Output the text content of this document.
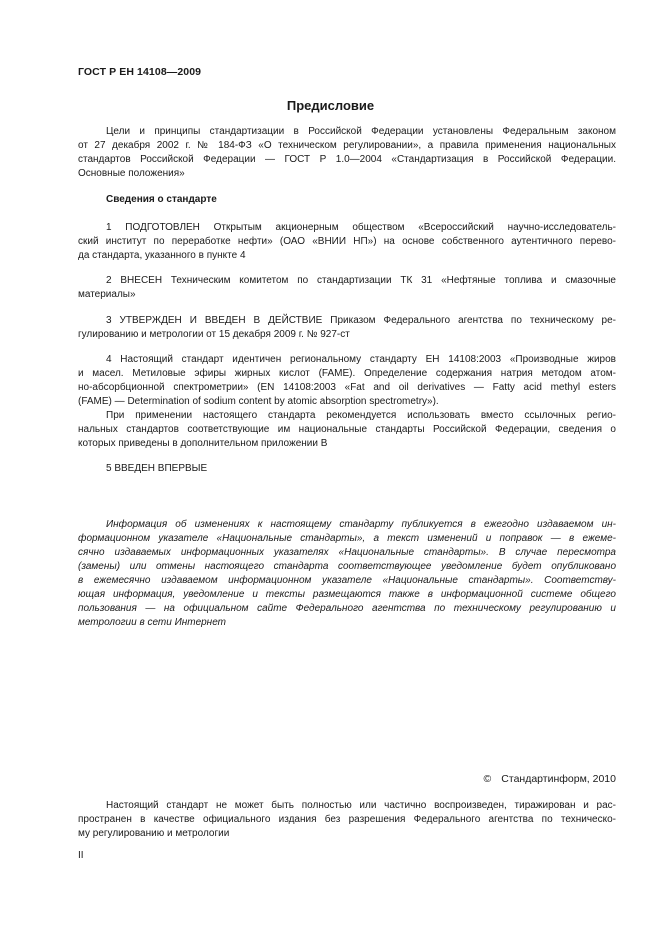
ГОСТ Р ЕН 14108—2009
Предисловие

Цели и принципы стандартизации в Российской Федерации установлены Федеральным законом
от 27 декабря 2002 г. № 184-ФЗ «О техническом регулировании», а правила применения национальных
стандартов Российской Федерации — ГОСТ Р 1.0—2004 «Стандартизация в Российской Федерации.
Основные положения»

Сведения о стандарте

1 ПОДГОТОВЛЕН Открытым акционерным обществом «Всероссийский научно-исследователь-
ский институт по переработке нефти» (ОАО «ВНИИ НП») на основе собственного аутентичного перево-
да стандарта, указанного в пункте 4

2 ВНЕСЕН Техническим комитетом по стандартизации ТК 31 «Нефтяные топлива и смазочные
материалы»

3 УТВЕРЖДЕН И ВВЕДЕН В ДЕЙСТВИЕ Приказом Федерального агентства по техническому ре-
гулированию и метрологии от 15 декабря 2009 г. № 927-ст

4 Настоящий стандарт идентичен региональному стандарту ЕН 14108:2003 «Производные жиров
и масел. Метиловые эфиры жирных кислот (FAME). Определение содержания натрия методом атом-
но-абсорбционной спектрометрии» (EN 14108:2003 «Fat and oil derivatives — Fatty acid methyl esters
(FAME) — Determination of sodium content by atomic absorption spectrometry»).
При применении настоящего стандарта рекомендуется использовать вместо ссылочных регио-
нальных стандартов соответствующие им национальные стандарты Российской Федерации, сведения о
которых приведены в дополнительном приложении В

5 ВВЕДЕН ВПЕРВЫЕ

Информация об изменениях к настоящему стандарту публикуется в ежегодно издаваемом ин-
формационном указателе «Национальные стандарты», а текст изменений и поправок — в ежеме-
сячно издаваемых информационных указателях «Национальные стандарты». В случае пересмотра
(замены) или отмены настоящего стандарта соответствующее уведомление будет опубликовано
в ежемесячно издаваемом информационном указателе «Национальные стандарты». Соответству-
ющая информация, уведомление и тексты размещаются также в информационной системе общего
пользования — на официальном сайте Федерального агентства по техническому регулированию и
метрологии в сети Интернет

© Стандартинформ, 2010

Настоящий стандарт не может быть полностью или частично воспроизведен, тиражирован и рас-
пространен в качестве официального издания без разрешения Федерального агентства по техническо-
му регулированию и метрологии

II
